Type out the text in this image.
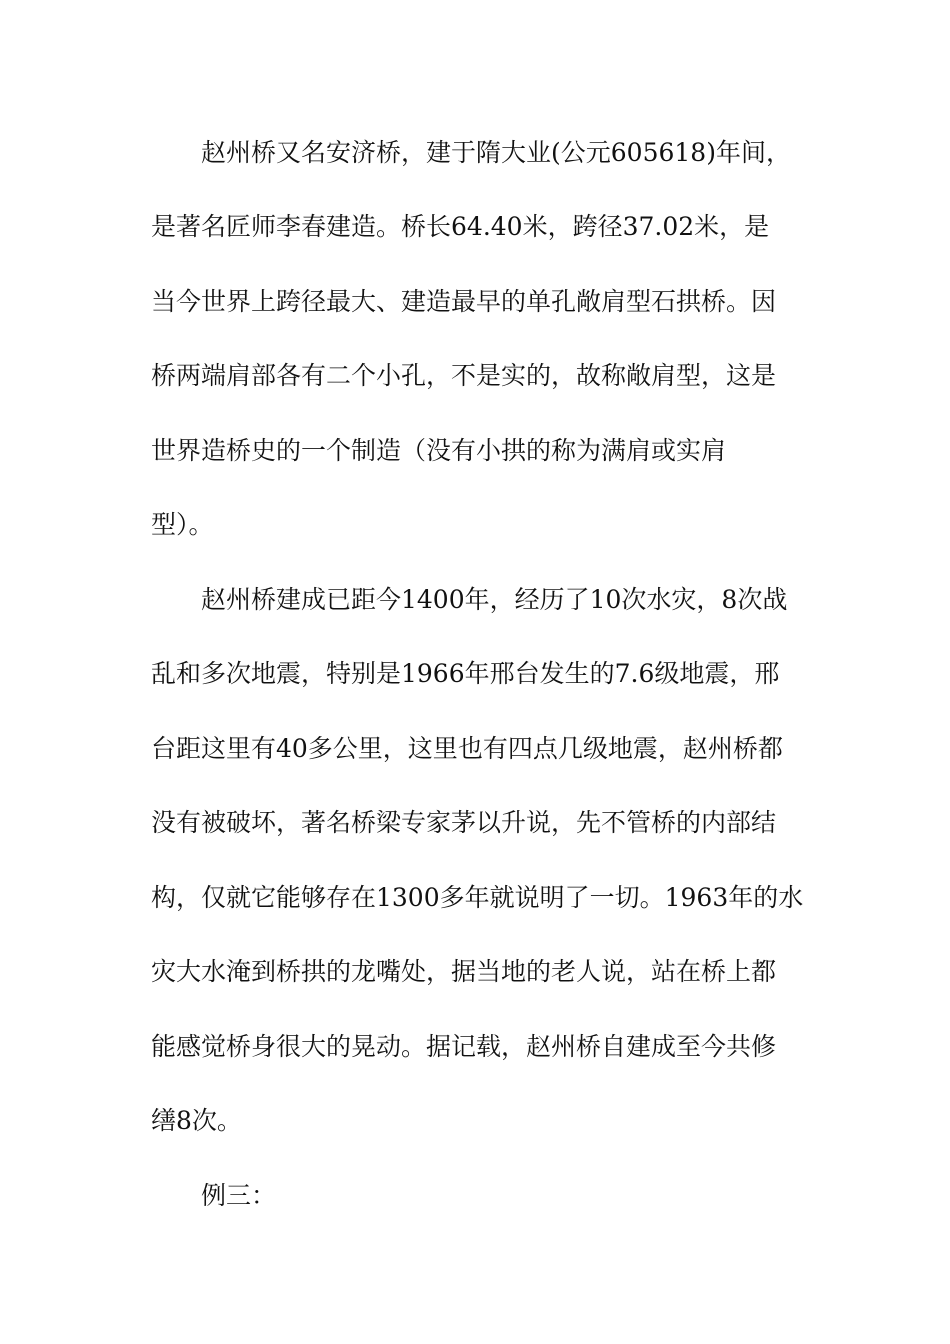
赵州桥又名安济桥，建于隋大业(公元605618)年间，
是著名匠师李春建造。桥长64.40米，跨径37.02米，是
当今世界上跨径最大、建造最早的单孔敞肩型石拱桥。因
桥两端肩部各有二个小孔，不是实的，故称敞肩型，这是
世界造桥史的一个制造（没有小拱的称为满肩或实肩
型）。
赵州桥建成已距今1400年，经历了10次水灾，8次战
乱和多次地震，特别是1966年邢台发生的7.6级地震，邢
台距这里有40多公里，这里也有四点几级地震，赵州桥都
没有被破坏，著名桥梁专家茅以升说，先不管桥的内部结
构，仅就它能够存在1300多年就说明了一切。1963年的水
灾大水淹到桥拱的龙嘴处，据当地的老人说，站在桥上都
能感觉桥身很大的晃动。据记载，赵州桥自建成至今共修
缮8次。
例三：
